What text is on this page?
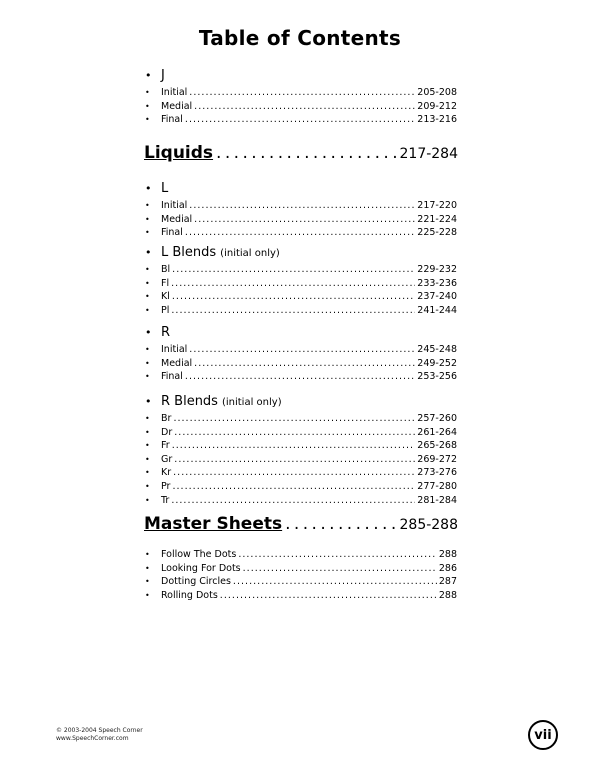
Table of Contents
• J
•	Initial . . .	205-208
•	Medial . . .	209-212
•	Final . . .	213-216
Liquids . . .	217-284
• L
•	Initial . . .	217-220
•	Medial . . .	221-224
•	Final . . .	225-228
• L Blends (initial only)
•	Bl . . .	229-232
•	Fl . . .	233-236
•	Kl . . .	237-240
•	Pl . . .	241-244
• R
•	Initial . . .	245-248
•	Medial . . .	249-252
•	Final . . .	253-256
• R Blends (initial only)
•	Br . . .	257-260
•	Dr . . .	261-264
•	Fr . . .	265-268
•	Gr . . .	269-272
•	Kr . . .	273-276
•	Pr . . .	277-280
•	Tr . . .	281-284
Master Sheets . . .	285-288
•	Follow The Dots . . .	288
•	Looking For Dots . . .	286
•	Dotting Circles . . .	287
•	Rolling Dots . . .	288
© 2003-2004 Speech Corner
www.SpeechCorner.com	vii
